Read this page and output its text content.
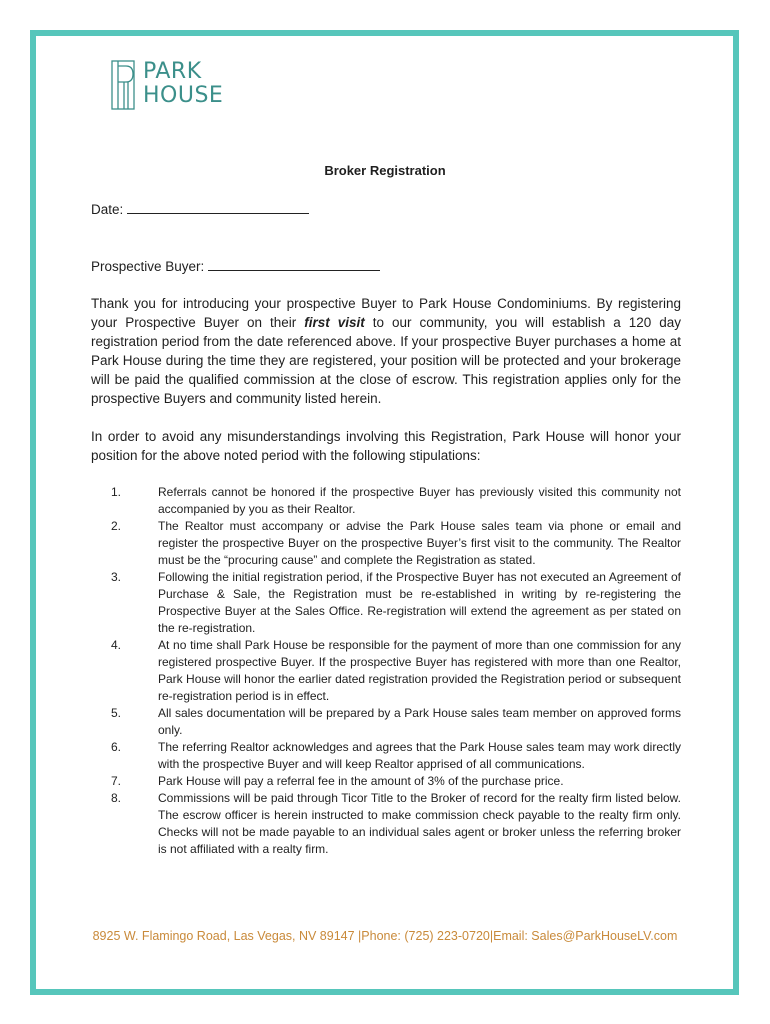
PARK
HOUSE
Broker Registration
Date:
Prospective Buyer:

Thank you for introducing your prospective Buyer to Park House Condominiums. By registering your Prospective Buyer on their first visit to our community, you will establish a 120 day registration period from the date referenced above. If your prospective Buyer purchases a home at Park House during the time they are registered, your position will be protected and your brokerage will be paid the qualified commission at the close of escrow. This registration applies only for the prospective Buyers and community listed herein.

In order to avoid any misunderstandings involving this Registration, Park House will honor your position for the above noted period with the following stipulations:

1.	Referrals cannot be honored if the prospective Buyer has previously visited this community not accompanied by you as their Realtor.
2.	The Realtor must accompany or advise the Park House sales team via phone or email and register the prospective Buyer on the prospective Buyer’s first visit to the community. The Realtor must be the “procuring cause” and complete the Registration as stated.
3.	Following the initial registration period, if the Prospective Buyer has not executed an Agreement of Purchase & Sale, the Registration must be re-established in writing by re-registering the Prospective Buyer at the Sales Office. Re-registration will extend the agreement as per stated on the re-registration.
4.	At no time shall Park House be responsible for the payment of more than one commission for any registered prospective Buyer. If the prospective Buyer has registered with more than one Realtor, Park House will honor the earlier dated registration provided the Registration period or subsequent re-registration period is in effect.
5.	All sales documentation will be prepared by a Park House sales team member on approved forms only.
6.	The referring Realtor acknowledges and agrees that the Park House sales team may work directly with the prospective Buyer and will keep Realtor apprised of all communications.
7.	Park House will pay a referral fee in the amount of 3% of the purchase price.
8.	Commissions will be paid through Ticor Title to the Broker of record for the realty firm listed below. The escrow officer is herein instructed to make commission check payable to the realty firm only. Checks will not be made payable to an individual sales agent or broker unless the referring broker is not affiliated with a realty firm.
8925 W. Flamingo Road, Las Vegas, NV 89147 |Phone: (725) 223-0720|Email: Sales@ParkHouseLV.com
